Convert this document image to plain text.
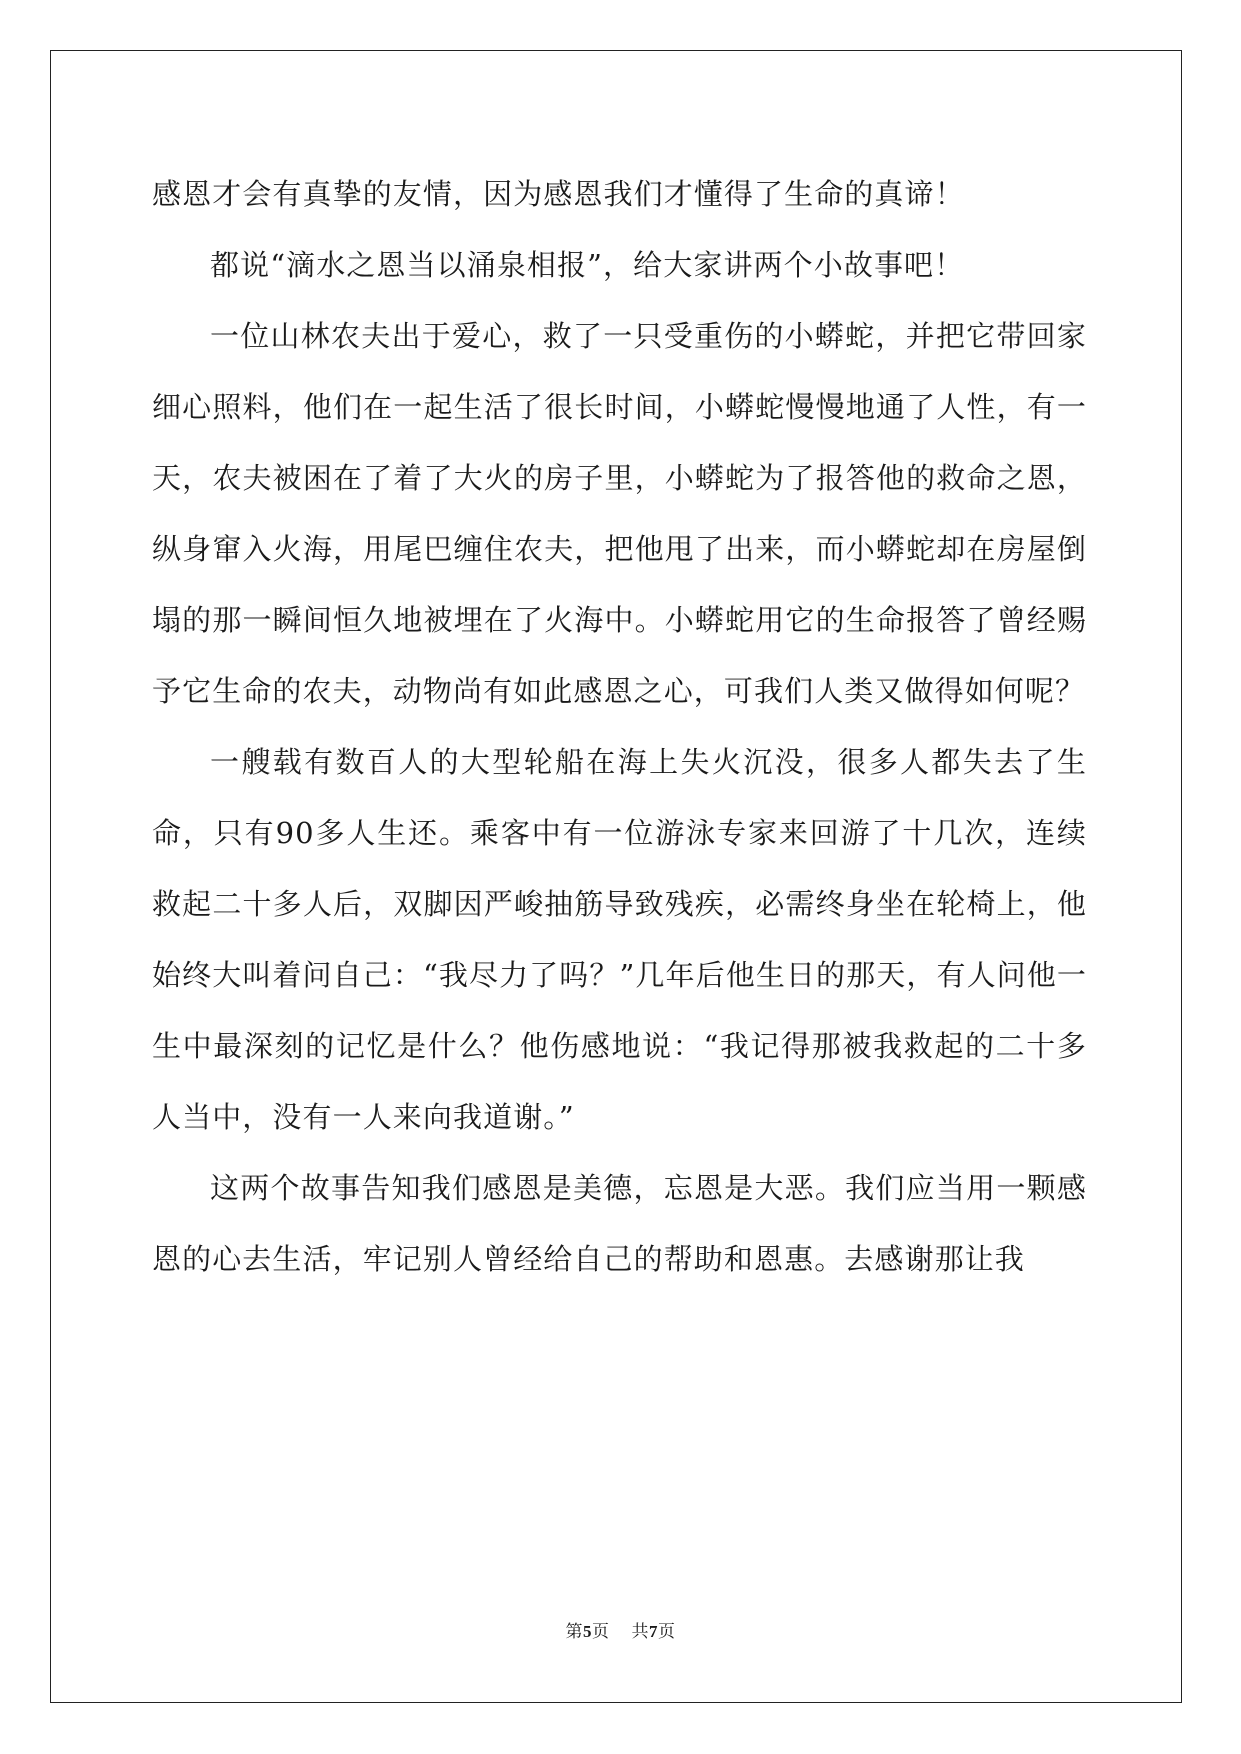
感恩才会有真挚的友情，因为感恩我们才懂得了生命的真谛！

都说“滴水之恩当以涌泉相报”，给大家讲两个小故事吧！

一位山林农夫出于爱心，救了一只受重伤的小蟒蛇，并把它带回家细心照料，他们在一起生活了很长时间，小蟒蛇慢慢地通了人性，有一天，农夫被困在了着了大火的房子里，小蟒蛇为了报答他的救命之恩，纵身窜入火海，用尾巴缠住农夫，把他甩了出来，而小蟒蛇却在房屋倒塌的那一瞬间恒久地被埋在了火海中。小蟒蛇用它的生命报答了曾经赐予它生命的农夫，动物尚有如此感恩之心，可我们人类又做得如何呢？

一艘载有数百人的大型轮船在海上失火沉没，很多人都失去了生命，只有90多人生还。乘客中有一位游泳专家来回游了十几次，连续救起二十多人后，双脚因严峻抽筋导致残疾，必需终身坐在轮椅上，他始终大叫着问自己：“我尽力了吗？”几年后他生日的那天，有人问他一生中最深刻的记忆是什么？他伤感地说：“我记得那被我救起的二十多人当中，没有一人来向我道谢。”

这两个故事告知我们感恩是美德，忘恩是大恶。我们应当用一颗感恩的心去生活，牢记别人曾经给自己的帮助和恩惠。去感谢那让我

第5页 共7页
